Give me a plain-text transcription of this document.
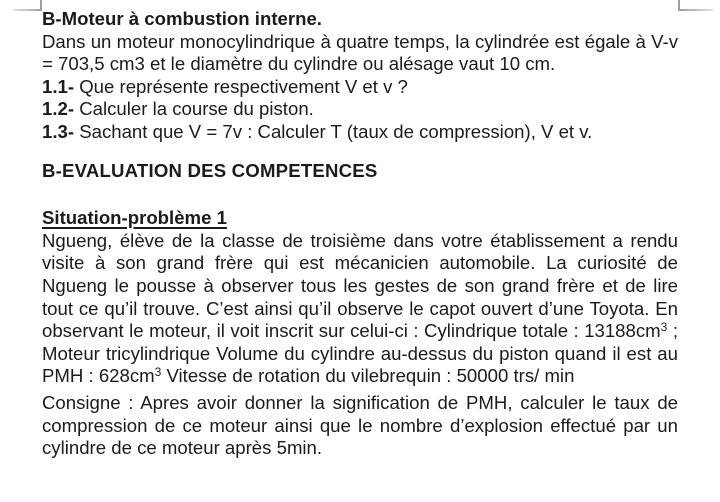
B-Moteur à combustion interne.

Dans un moteur monocylindrique à quatre temps, la cylindrée est égale à V-v = 703,5 cm3 et le diamètre du cylindre ou alésage vaut 10 cm.

1.1- Que représente respectivement V et v ?

1.2- Calculer la course du piston.

1.3- Sachant que V = 7v : Calculer T (taux de compression), V et v.

B-EVALUATION DES COMPETENCES

Situation-problème 1

Ngueng, élève de la classe de troisième dans votre établissement a rendu visite à son grand frère qui est mécanicien automobile. La curiosité de Ngueng le pousse à observer tous les gestes de son grand frère et de lire tout ce qu’il trouve. C’est ainsi qu’il observe le capot ouvert d’une Toyota. En observant le moteur, il voit inscrit sur celui-ci : Cylindrique totale : $13188cm^3$ ; Moteur tricylindrique Volume du cylindre au-dessus du piston quand il est au PMH : $628cm^3$ Vitesse de rotation du vilebrequin : 50000 trs/ min

Consigne : Apres avoir donner la signification de PMH, calculer le taux de compression de ce moteur ainsi que le nombre d’explosion effectué par un cylindre de ce moteur après 5min.
